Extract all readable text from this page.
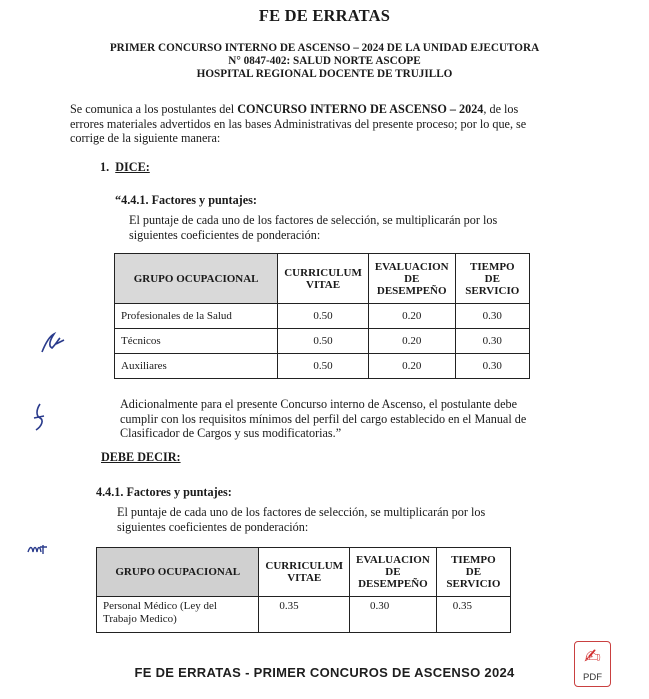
FE DE ERRATAS
PRIMER CONCURSO INTERNO DE ASCENSO – 2024 DE LA UNIDAD EJECUTORA
N° 0847-402: SALUD NORTE ASCOPE
HOSPITAL REGIONAL DOCENTE DE TRUJILLO
Se comunica a los postulantes del CONCURSO INTERNO DE ASCENSO – 2024, de los errores materiales advertidos en las bases Administrativas del presente proceso; por lo que, se corrige de la siguiente manera:
1. DICE:
“4.4.1. Factores y puntajes:
El puntaje de cada uno de los factores de selección, se multiplicarán por los siguientes coeficientes de ponderación:
GRUPO OCUPACIONAL	CURRICULUM VITAE	EVALUACION DE DESEMPEÑO	TIEMPO DE SERVICIO
Profesionales de la Salud	0.50	0.20	0.30
Técnicos	0.50	0.20	0.30
Auxiliares	0.50	0.20	0.30
Adicionalmente para el presente Concurso interno de Ascenso, el postulante debe cumplir con los requisitos mínimos del perfil del cargo establecido en el Manual de Clasificador de Cargos y sus modificatorias.”
DEBE DECIR:
4.4.1. Factores y puntajes:
El puntaje de cada uno de los factores de selección, se multiplicarán por los siguientes coeficientes de ponderación:
GRUPO OCUPACIONAL	CURRICULUM VITAE	EVALUACION DE DESEMPEÑO	TIEMPO DE SERVICIO
Personal Médico (Ley del Trabajo Medico)	0.35	0.30	0.35
FE DE ERRATAS - PRIMER CONCUROS DE ASCENSO 2024
✍
PDF
